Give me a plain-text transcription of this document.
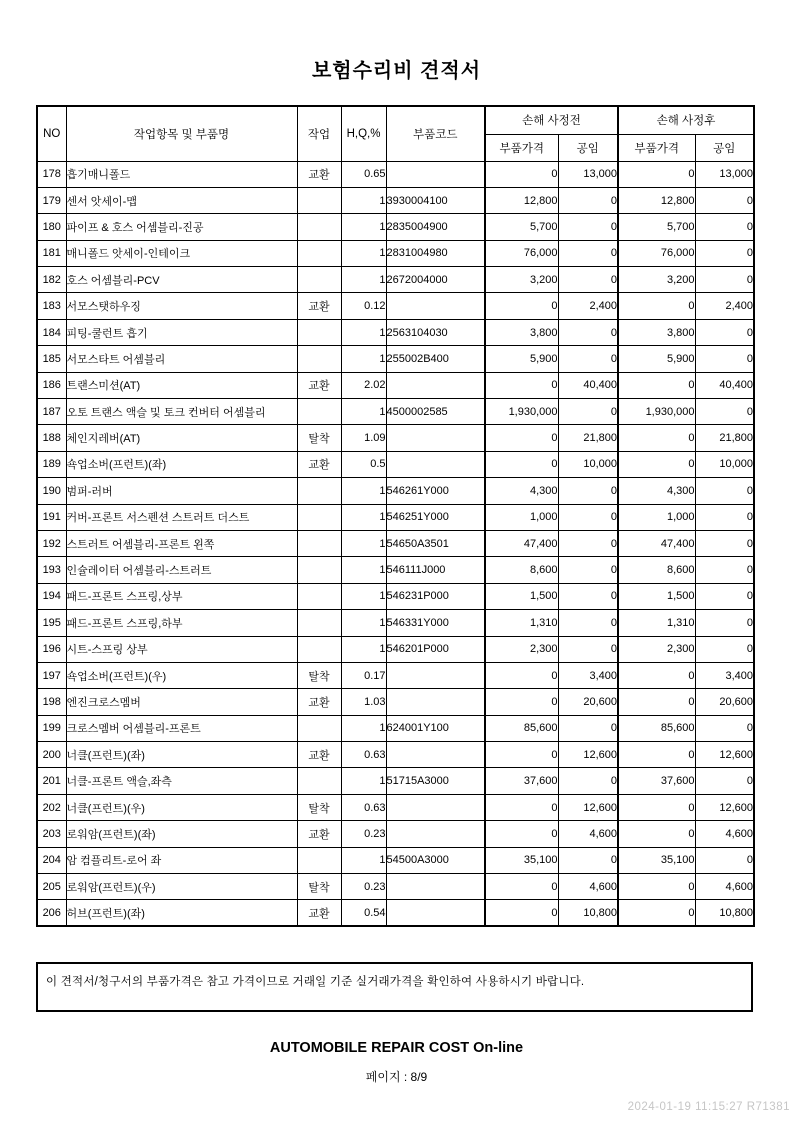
보험수리비 견적서
NO	작업항목 및 부품명	작업	H,Q,%	부품코드	손해 사정전		손해 사정후	
					부품가격	공임	부품가격	공임
178	흡기매니폴드	교환	0.65		0	13,000	0	13,000
179	센서 앗세이-맵		1	3930004100	12,800	0	12,800	0
180	파이프 & 호스 어셈블리-진공		1	2835004900	5,700	0	5,700	0
181	매니폴드 앗세이-인테이크		1	2831004980	76,000	0	76,000	0
182	호스 어셈블리-PCV		1	2672004000	3,200	0	3,200	0
183	서모스탯하우징	교환	0.12		0	2,400	0	2,400
184	피팅-쿨런트 흡기		1	2563104030	3,800	0	3,800	0
185	서모스타트 어셈블리		1	255002B400	5,900	0	5,900	0
186	트랜스미션(AT)	교환	2.02		0	40,400	0	40,400
187	오토 트랜스 액슬 및 토크 컨버터 어셈블리		1	4500002585	1,930,000	0	1,930,000	0
188	체인지레버(AT)	탈착	1.09		0	21,800	0	21,800
189	쇽업소버(프런트)(좌)	교환	0.5		0	10,000	0	10,000
190	범퍼-러버		1	546261Y000	4,300	0	4,300	0
191	커버-프론트 서스펜션 스트러트 더스트		1	546251Y000	1,000	0	1,000	0
192	스트러트 어셈블리-프론트 왼쪽		1	54650A3501	47,400	0	47,400	0
193	인슐레이터 어셈블리-스트러트		1	546111J000	8,600	0	8,600	0
194	패드-프론트 스프링,상부		1	546231P000	1,500	0	1,500	0
195	패드-프론트 스프링,하부		1	546331Y000	1,310	0	1,310	0
196	시트-스프링 상부		1	546201P000	2,300	0	2,300	0
197	쇽업소버(프런트)(우)	탈착	0.17		0	3,400	0	3,400
198	엔진크로스멤버	교환	1.03		0	20,600	0	20,600
199	크로스멤버 어셈블리-프론트		1	624001Y100	85,600	0	85,600	0
200	너클(프런트)(좌)	교환	0.63		0	12,600	0	12,600
201	너클-프론트 액슬,좌측		1	51715A3000	37,600	0	37,600	0
202	너클(프런트)(우)	탈착	0.63		0	12,600	0	12,600
203	로워암(프런트)(좌)	교환	0.23		0	4,600	0	4,600
204	암 컴플리트-로어 좌		1	54500A3000	35,100	0	35,100	0
205	로워암(프런트)(우)	탈착	0.23		0	4,600	0	4,600
206	허브(프런트)(좌)	교환	0.54		0	10,800	0	10,800
이 견적서/청구서의 부품가격은 참고 가격이므로 거래일 기준 실거래가격을 확인하여 사용하시기 바랍니다.
AUTOMOBILE REPAIR COST On-line
페이지 : 8/9
2024-01-19 11:15:27 R71381
